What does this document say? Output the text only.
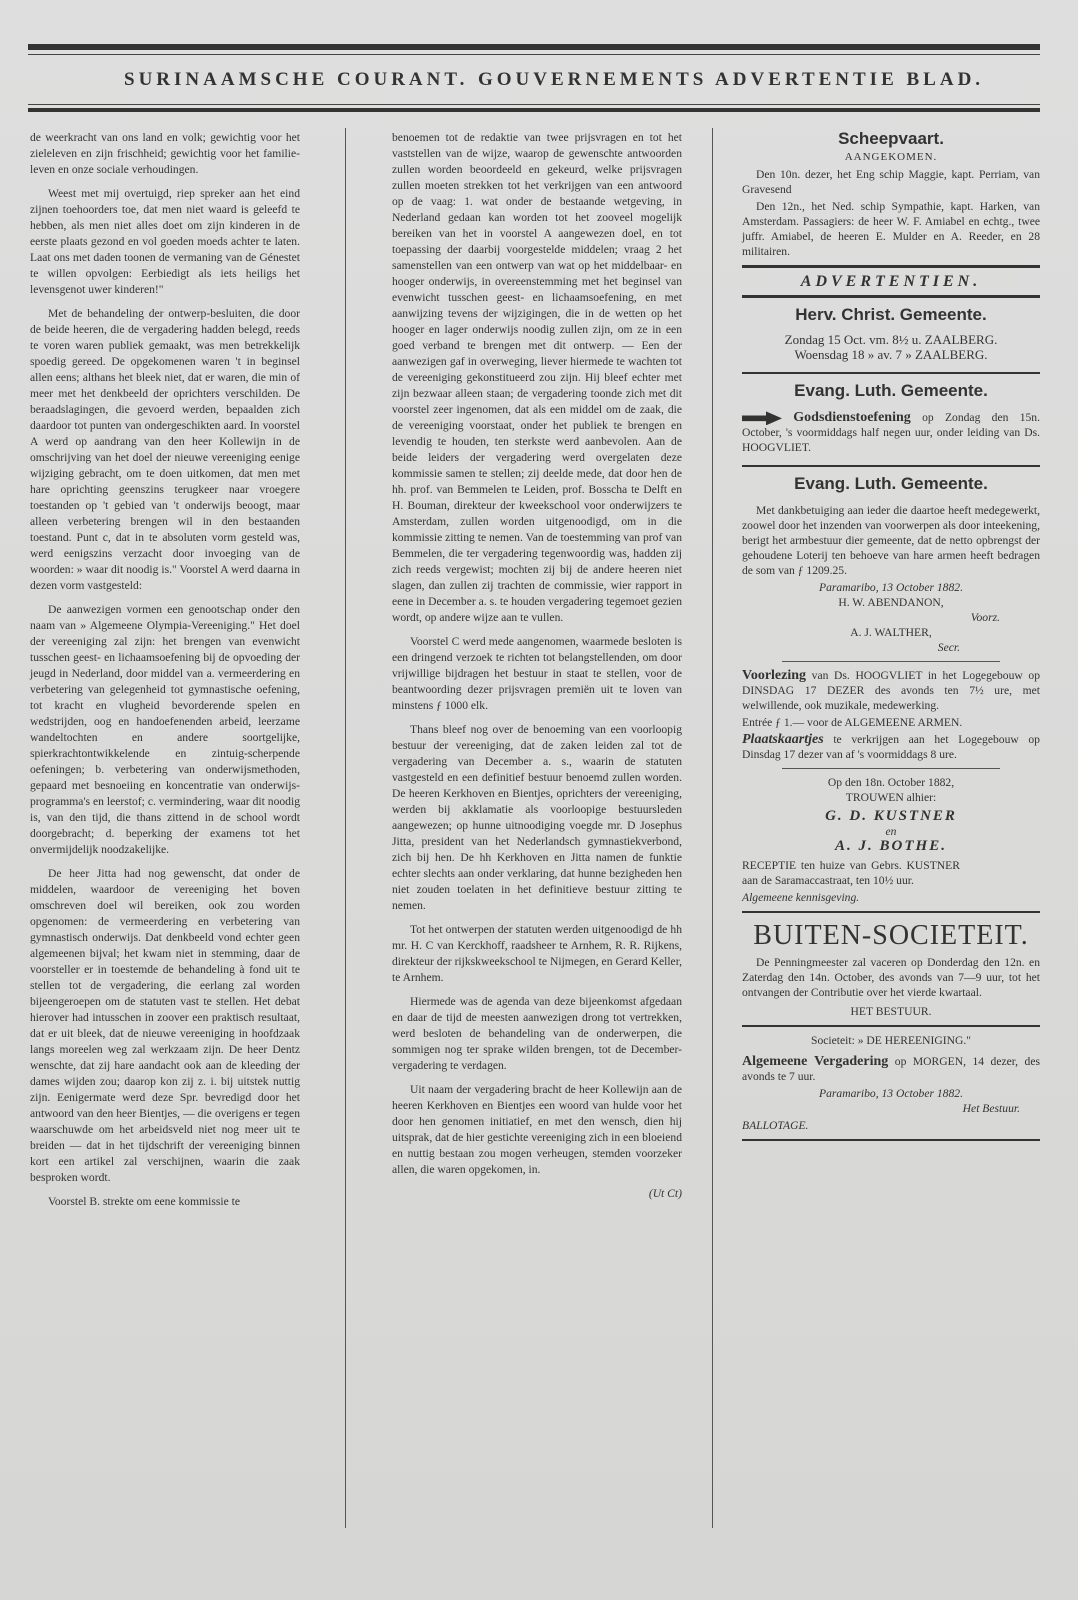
SURINAAMSCHE COURANT. GOUVERNEMENTS ADVERTENTIE BLAD.

de weerkracht van ons land en volk; gewichtig voor het zieleleven en zijn frischheid; gewichtig voor het familie-leven en onze sociale verhoudingen.

Weest met mij overtuigd, riep spreker aan het eind zijnen toehoorders toe, dat men niet waard is geleefd te hebben, als men niet alles doet om zijn kinderen in de eerste plaats gezond en vol goeden moeds achter te laten. Laat ons met daden toonen de vermaning van de Génestet te willen opvolgen: Eerbiedigt als iets heiligs het levensgenot uwer kinderen!"

Met de behandeling der ontwerp-besluiten, die door de beide heeren, die de vergadering hadden belegd, reeds te voren waren publiek gemaakt, was men betrekkelijk spoedig gereed. De opgekomenen waren 't in beginsel allen eens; althans het bleek niet, dat er waren, die min of meer met het denkbeeld der oprichters verschilden. De beraadslagingen, die gevoerd werden, bepaalden zich daardoor tot punten van ondergeschikten aard. In voorstel A werd op aandrang van den heer Kollewijn in de omschrijving van het doel der nieuwe vereeniging eenige wijziging gebracht, om te doen uitkomen, dat men met hare oprichting geenszins terugkeer naar vroegere toestanden op 't gebied van 't onderwijs beoogt, maar alleen verbetering brengen wil in den bestaanden toestand. Punt c, dat in te absoluten vorm gesteld was, werd eenigszins verzacht door invoeging van de woorden: » waar dit noodig is." Voorstel A werd daarna in dezen vorm vastgesteld:

De aanwezigen vormen een genootschap onder den naam van » Algemeene Olympia-Vereeniging." Het doel der vereeniging zal zijn: het brengen van evenwicht tusschen geest- en lichaamsoefening bij de opvoeding der jeugd in Nederland, door middel van a. vermeerdering en verbetering van gelegenheid tot gymnastische oefening, tot kracht en vlugheid bevorderende spelen en wedstrijden, oog en handoefenenden arbeid, leerzame wandeltochten en andere soortgelijke, spierkrachtontwikkelende en zintuig-scherpende oefeningen; b. verbetering van onderwijsmethoden, gepaard met besnoeiing en koncentratie van onderwijs-programma's en leerstof; c. vermindering, waar dit noodig is, van den tijd, die thans zittend in de school wordt doorgebracht; d. beperking der examens tot het onvermijdelijk noodzakelijke.

De heer Jitta had nog gewenscht, dat onder de middelen, waardoor de vereeniging het boven omschreven doel wil bereiken, ook zou worden opgenomen: de vermeerdering en verbetering van gymnastisch onderwijs. Dat denkbeeld vond echter geen algemeenen bijval; het kwam niet in stemming, daar de voorsteller er in toestemde de behandeling à fond uit te stellen tot de vergadering, die eerlang zal worden bijeengeroepen om de statuten vast te stellen. Het debat hierover had intusschen in zoover een praktisch resultaat, dat er uit bleek, dat de nieuwe vereeniging in hoofdzaak langs moreelen weg zal werkzaam zijn. De heer Dentz wenschte, dat zij hare aandacht ook aan de kleeding der dames wijden zou; daarop kon zij z. i. bij uitstek nuttig zijn. Eenigermate werd deze Spr. bevredigd door het antwoord van den heer Bientjes, — die overigens er tegen waarschuwde om het arbeidsveld niet nog meer uit te breiden — dat in het tijdschrift der vereeniging binnen kort een artikel zal verschijnen, waarin die zaak besproken wordt.

Voorstel B. strekte om eene kommissie te

benoemen tot de redaktie van twee prijsvragen en tot het vaststellen van de wijze, waarop de gewenschte antwoorden zullen worden beoordeeld en gekeurd, welke prijsvragen zullen moeten strekken tot het verkrijgen van een antwoord op de vaag: 1. wat onder de bestaande wetgeving, in Nederland gedaan kan worden tot het zooveel mogelijk bereiken van het in voorstel A aangewezen doel, en tot toepassing der daarbij voorgestelde middelen; vraag 2 het samenstellen van een ontwerp van wat op het middelbaar- en hooger onderwijs, in overeenstemming met het beginsel van evenwicht tusschen geest- en lichaamsoefening, en met aanwijzing tevens der wijzigingen, die in de wetten op het hooger en lager onderwijs noodig zullen zijn, om ze in een goed verband te brengen met dit ontwerp. — Een der aanwezigen gaf in overweging, liever hiermede te wachten tot de vereeniging gekonstitueerd zou zijn. Hij bleef echter met zijn bezwaar alleen staan; de vergadering toonde zich met dit voorstel zeer ingenomen, dat als een middel om de zaak, die de vereeniging voorstaat, onder het publiek te brengen en levendig te houden, ten sterkste werd aanbevolen. Aan de beide leiders der vergadering werd overgelaten deze kommissie samen te stellen; zij deelde mede, dat door hen de hh. prof. van Bemmelen te Leiden, prof. Bosscha te Delft en H. Bouman, direkteur der kweekschool voor onderwijzers te Amsterdam, zullen worden uitgenoodigd, om in die kommissie zitting te nemen. Van de toestemming van prof van Bemmelen, die ter vergadering tegenwoordig was, hadden zij zich reeds vergewist; mochten zij bij de andere heeren niet slagen, dan zullen zij trachten de commissie, wier rapport in eene in December a. s. te houden vergadering tegemoet gezien wordt, op andere wijze aan te vullen.

Voorstel C werd mede aangenomen, waarmede besloten is een dringend verzoek te richten tot belangstellenden, om door vrijwillige bijdragen het bestuur in staat te stellen, voor de beantwoording dezer prijsvragen premiën uit te loven van minstens ƒ 1000 elk.

Thans bleef nog over de benoeming van een voorloopig bestuur der vereeniging, dat de zaken leiden zal tot de vergadering van December a. s., waarin de statuten vastgesteld en een definitief bestuur benoemd zullen worden. De heeren Kerkhoven en Bientjes, oprichters der vereeniging, werden bij akklamatie als voorloopige bestuursleden aangewezen; op hunne uitnoodiging voegde mr. D Josephus Jitta, president van het Nederlandsch gymnastiekverbond, zich bij hen. De hh Kerkhoven en Jitta namen de funktie echter slechts aan onder verklaring, dat hunne bezigheden hen niet zouden toelaten in het definitieve bestuur zitting te nemen.

Tot het ontwerpen der statuten werden uitgenoodigd de hh mr. H. C van Kerckhoff, raadsheer te Arnhem, R. R. Rijkens, direkteur der rijkskweekschool te Nijmegen, en Gerard Keller, te Arnhem.

Hiermede was de agenda van deze bijeenkomst afgedaan en daar de tijd de meesten aanwezigen drong tot vertrekken, werd besloten de behandeling van de onderwerpen, die sommigen nog ter sprake wilden brengen, tot de December-vergadering te verdagen.

Uit naam der vergadering bracht de heer Kollewijn aan de heeren Kerkhoven en Bientjes een woord van hulde voor het door hen genomen initiatief, en met den wensch, dien hij uitsprak, dat de hier gestichte vereeniging zich in een bloeiend en nuttig bestaan zou mogen verheugen, stemden voorzeker allen, die waren opgekomen, in.

(Ut Ct)

Scheepvaart.
AANGEKOMEN.
Den 10n. dezer, het Eng schip Maggie, kapt. Perriam, van Gravesend
Den 12n., het Ned. schip Sympathie, kapt. Harken, van Amsterdam. Passagiers: de heer W. F. Amiabel en echtg., twee juffr. Amiabel, de heeren E. Mulder en A. Reeder, en 28 militairen.
ADVERTENTIEN.
Herv. Christ. Gemeente.
Zondag 15 Oct. vm. 8½ u. ZAALBERG.
Woensdag 18 » av. 7 » ZAALBERG.
Evang. Luth. Gemeente.
Godsdienstoefening op Zondag den 15n. October, 's voormiddags half negen uur, onder leiding van Ds. HOOGVLIET.
Evang. Luth. Gemeente.
Met dankbetuiging aan ieder die daartoe heeft medegewerkt, zoowel door het inzenden van voorwerpen als door inteekening, berigt het armbestuur dier gemeente, dat de netto opbrengst der gehoudene Loterij ten behoeve van hare armen heeft bedragen de som van ƒ 1209.25.
Paramaribo, 13 October 1882.
H. W. ABENDANON,
Voorz.
A. J. WALTHER,
Secr.
Voorlezing van Ds. HOOGVLIET in het Logegebouw op DINSDAG 17 DEZER des avonds ten 7½ ure, met welwillende, ook muzikale, medewerking.
Entrée ƒ 1.— voor de ALGEMEENE ARMEN.
Plaatskaartjes te verkrijgen aan het Logegebouw op Dinsdag 17 dezer van af 's voormiddags 8 ure.
Op den 18n. October 1882,
TROUWEN alhier:
G. D. KUSTNER
en
A. J. BOTHE.
RECEPTIE ten huize van Gebrs. KUSTNER aan de Saramaccastraat, ten 10½ uur.
Algemeene kennisgeving.
BUITEN-SOCIETEIT.
De Penningmeester zal vaceren op Donderdag den 12n. en Zaterdag den 14n. October, des avonds van 7—9 uur, tot het ontvangen der Contributie over het vierde kwartaal.
HET BESTUUR.
Societeit: » DE HEREENIGING."
Algemeene Vergadering op MORGEN, 14 dezer, des avonds te 7 uur.
Paramaribo, 13 October 1882.
Het Bestuur.
BALLOTAGE.
